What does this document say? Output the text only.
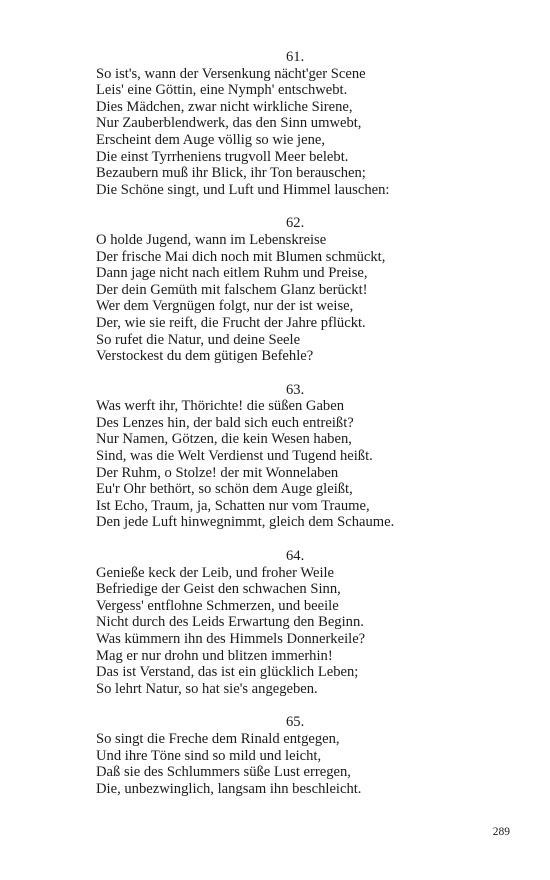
61.
So ist's, wann der Versenkung nächt'ger Scene
Leis' eine Göttin, eine Nymph' entschwebt.
Dies Mädchen, zwar nicht wirkliche Sirene,
Nur Zauberblendwerk, das den Sinn umwebt,
Erscheint dem Auge völlig so wie jene,
Die einst Tyrrheniens trugvoll Meer belebt.
Bezaubern muß ihr Blick, ihr Ton berauschen;
Die Schöne singt, und Luft und Himmel lauschen:
62.
O holde Jugend, wann im Lebenskreise
Der frische Mai dich noch mit Blumen schmückt,
Dann jage nicht nach eitlem Ruhm und Preise,
Der dein Gemüth mit falschem Glanz berückt!
Wer dem Vergnügen folgt, nur der ist weise,
Der, wie sie reift, die Frucht der Jahre pflückt.
So rufet die Natur, und deine Seele
Verstockest du dem gütigen Befehle?
63.
Was werft ihr, Thörichte! die süßen Gaben
Des Lenzes hin, der bald sich euch entreißt?
Nur Namen, Götzen, die kein Wesen haben,
Sind, was die Welt Verdienst und Tugend heißt.
Der Ruhm, o Stolze! der mit Wonnelaben
Eu'r Ohr bethört, so schön dem Auge gleißt,
Ist Echo, Traum, ja, Schatten nur vom Traume,
Den jede Luft hinwegnimmt, gleich dem Schaume.
64.
Genieße keck der Leib, und froher Weile
Befriedige der Geist den schwachen Sinn,
Vergess' entflohne Schmerzen, und beeile
Nicht durch des Leids Erwartung den Beginn.
Was kümmern ihn des Himmels Donnerkeile?
Mag er nur drohn und blitzen immerhin!
Das ist Verstand, das ist ein glücklich Leben;
So lehrt Natur, so hat sie's angegeben.
65.
So singt die Freche dem Rinald entgegen,
Und ihre Töne sind so mild und leicht,
Daß sie des Schlummers süße Lust erregen,
Die, unbezwinglich, langsam ihn beschleicht.
289
